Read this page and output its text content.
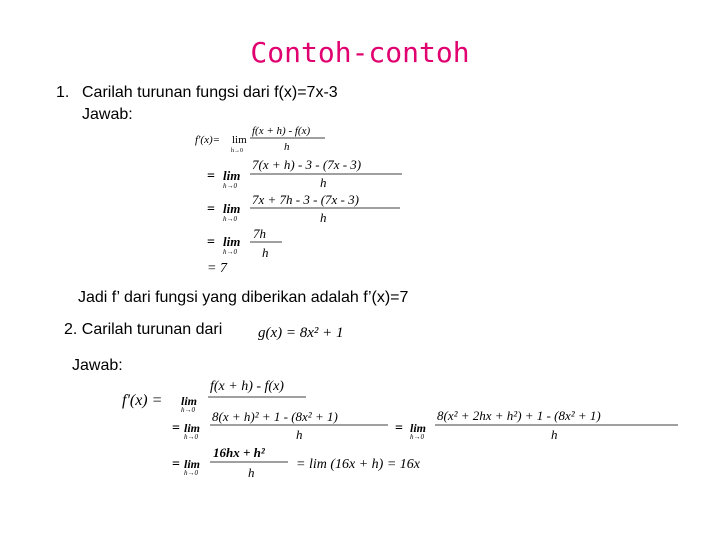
Contoh-contoh
1. Carilah turunan fungsi dari f(x)=7x-3
Jawab:
f'(x)= lim
h→0
f(x + h) - f(x)
h
= lim
h→0
7(x + h) - 3 - (7x - 3)
h
= lim
h→0
7x + 7h - 3 - (7x - 3)
h
= lim
h→0
7h
h
= 7
Jadi f’ dari fungsi yang diberikan adalah f’(x)=7
2. Carilah turunan dari g(x) = 8x² + 1
Jawab:
f'(x) = lim
h→0
f(x + h) - f(x)
= lim
h→0
8(x + h)² + 1 - (8x² + 1)
h	= lim
h→0
8(x² + 2hx + h²) + 1 - (8x² + 1)
h
= lim
h→0
16hx + h²
h
= lim (16x + h) = 16x
